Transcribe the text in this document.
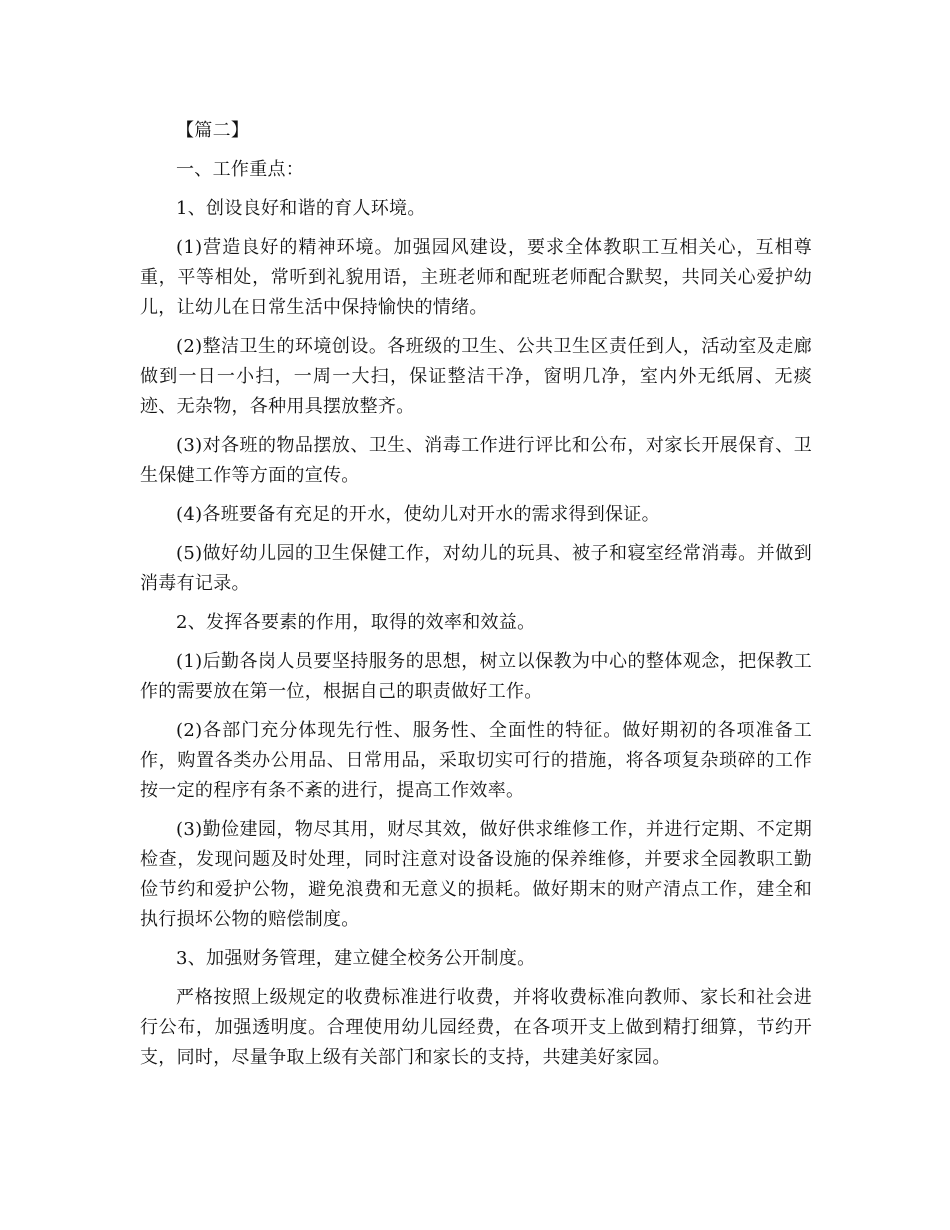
【篇二】

一、工作重点：

1、创设良好和谐的育人环境。

(1)营造良好的精神环境。加强园风建设，要求全体教职工互相关心，互相尊重，平等相处，常听到礼貌用语，主班老师和配班老师配合默契，共同关心爱护幼儿，让幼儿在日常生活中保持愉快的情绪。

(2)整洁卫生的环境创设。各班级的卫生、公共卫生区责任到人，活动室及走廊做到一日一小扫，一周一大扫，保证整洁干净，窗明几净，室内外无纸屑、无痰迹、无杂物，各种用具摆放整齐。

(3)对各班的物品摆放、卫生、消毒工作进行评比和公布，对家长开展保育、卫生保健工作等方面的宣传。

(4)各班要备有充足的开水，使幼儿对开水的需求得到保证。

(5)做好幼儿园的卫生保健工作，对幼儿的玩具、被子和寝室经常消毒。并做到消毒有记录。

2、发挥各要素的作用，取得的效率和效益。

(1)后勤各岗人员要坚持服务的思想，树立以保教为中心的整体观念，把保教工作的需要放在第一位，根据自己的职责做好工作。

(2)各部门充分体现先行性、服务性、全面性的特征。做好期初的各项准备工作，购置各类办公用品、日常用品，采取切实可行的措施，将各项复杂琐碎的工作按一定的程序有条不紊的进行，提高工作效率。

(3)勤俭建园，物尽其用，财尽其效，做好供求维修工作，并进行定期、不定期检查，发现问题及时处理，同时注意对设备设施的保养维修，并要求全园教职工勤俭节约和爱护公物，避免浪费和无意义的损耗。做好期末的财产清点工作，建全和执行损坏公物的赔偿制度。

3、加强财务管理，建立健全校务公开制度。

严格按照上级规定的收费标准进行收费，并将收费标准向教师、家长和社会进行公布，加强透明度。合理使用幼儿园经费，在各项开支上做到精打细算，节约开支，同时，尽量争取上级有关部门和家长的支持，共建美好家园。
